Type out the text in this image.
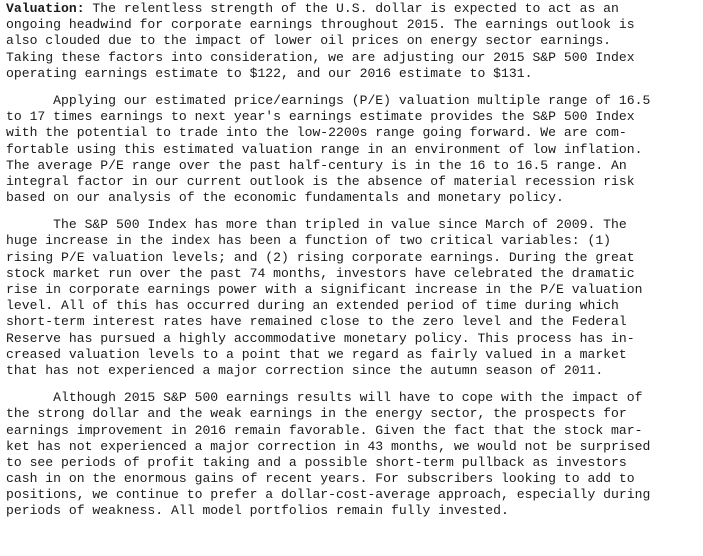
Valuation: The relentless strength of the U.S. dollar is expected to act as an
ongoing headwind for corporate earnings throughout 2015. The earnings outlook is
also clouded due to the impact of lower oil prices on energy sector earnings.
Taking these factors into consideration, we are adjusting our 2015 S&P 500 Index
operating earnings estimate to $122, and our 2016 estimate to $131.
Applying our estimated price/earnings (P/E) valuation multiple range of 16.5
to 17 times earnings to next year's earnings estimate provides the S&P 500 Index
with the potential to trade into the low-2200s range going forward. We are com-
fortable using this estimated valuation range in an environment of low inflation.
The average P/E range over the past half-century is in the 16 to 16.5 range. An
integral factor in our current outlook is the absence of material recession risk
based on our analysis of the economic fundamentals and monetary policy.
The S&P 500 Index has more than tripled in value since March of 2009. The
huge increase in the index has been a function of two critical variables: (1)
rising P/E valuation levels; and (2) rising corporate earnings. During the great
stock market run over the past 74 months, investors have celebrated the dramatic
rise in corporate earnings power with a significant increase in the P/E valuation
level. All of this has occurred during an extended period of time during which
short-term interest rates have remained close to the zero level and the Federal
Reserve has pursued a highly accommodative monetary policy. This process has in-
creased valuation levels to a point that we regard as fairly valued in a market
that has not experienced a major correction since the autumn season of 2011.
Although 2015 S&P 500 earnings results will have to cope with the impact of
the strong dollar and the weak earnings in the energy sector, the prospects for
earnings improvement in 2016 remain favorable. Given the fact that the stock mar-
ket has not experienced a major correction in 43 months, we would not be surprised
to see periods of profit taking and a possible short-term pullback as investors
cash in on the enormous gains of recent years. For subscribers looking to add to
positions, we continue to prefer a dollar-cost-average approach, especially during
periods of weakness. All model portfolios remain fully invested.
